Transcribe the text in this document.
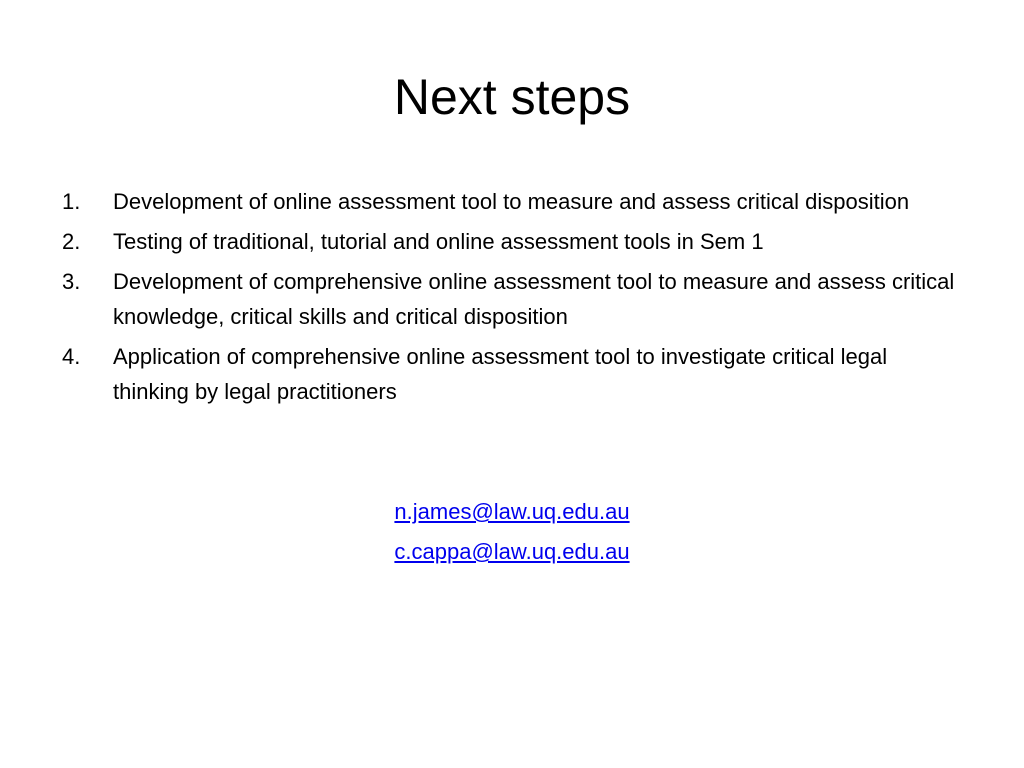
Next steps
1. Development of online assessment tool to measure and assess critical disposition
2. Testing of traditional, tutorial and online assessment tools in Sem 1
3. Development of comprehensive online assessment tool to measure and assess critical knowledge, critical skills and critical disposition
4. Application of comprehensive online assessment tool to investigate critical legal thinking by legal practitioners
n.james@law.uq.edu.au
c.cappa@law.uq.edu.au
